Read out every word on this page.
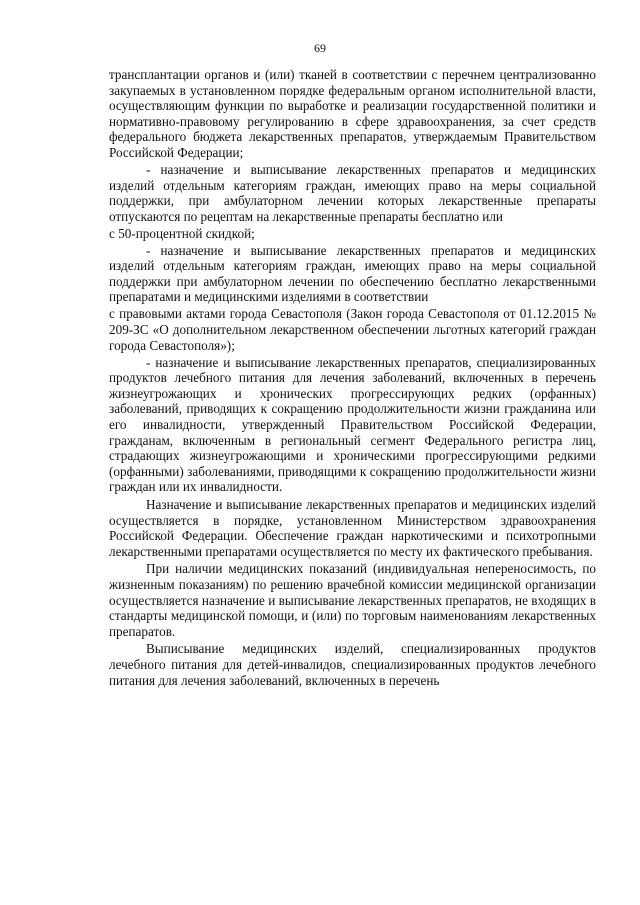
69

трансплантации органов и (или) тканей в соответствии с перечнем централизованно закупаемых в установленном порядке федеральным органом исполнительной власти, осуществляющим функции по выработке и реализации государственной политики и нормативно-правовому регулированию в сфере здравоохранения, за счет средств федерального бюджета лекарственных препаратов, утверждаемым Правительством Российской Федерации;

- назначение и выписывание лекарственных препаратов и медицинских изделий отдельным категориям граждан, имеющих право на меры социальной поддержки, при амбулаторном лечении которых лекарственные препараты отпускаются по рецептам на лекарственные препараты бесплатно или

с 50-процентной скидкой;

- назначение и выписывание лекарственных препаратов и медицинских изделий отдельным категориям граждан, имеющих право на меры социальной поддержки при амбулаторном лечении по обеспечению бесплатно лекарственными препаратами и медицинскими изделиями в соответствии

с правовыми актами города Севастополя (Закон города Севастополя от 01.12.2015 № 209-ЗС «О дополнительном лекарственном обеспечении льготных категорий граждан города Севастополя»);

- назначение и выписывание лекарственных препаратов, специализированных продуктов лечебного питания для лечения заболеваний, включенных в перечень жизнеугрожающих и хронических прогрессирующих редких (орфанных) заболеваний, приводящих к сокращению продолжительности жизни гражданина или его инвалидности, утвержденный Правительством Российской Федерации, гражданам, включенным в региональный сегмент Федерального регистра лиц, страдающих жизнеугрожающими и хроническими прогрессирующими редкими (орфанными) заболеваниями, приводящими к сокращению продолжительности жизни граждан или их инвалидности.

Назначение и выписывание лекарственных препаратов и медицинских изделий осуществляется в порядке, установленном Министерством здравоохранения Российской Федерации. Обеспечение граждан наркотическими и психотропными лекарственными препаратами осуществляется по месту их фактического пребывания.

При наличии медицинских показаний (индивидуальная непереносимость, по жизненным показаниям) по решению врачебной комиссии медицинской организации осуществляется назначение и выписывание лекарственных препаратов, не входящих в стандарты медицинской помощи, и (или) по торговым наименованиям лекарственных препаратов.

Выписывание медицинских изделий, специализированных продуктов лечебного питания для детей-инвалидов, специализированных продуктов лечебного питания для лечения заболеваний, включенных в перечень
